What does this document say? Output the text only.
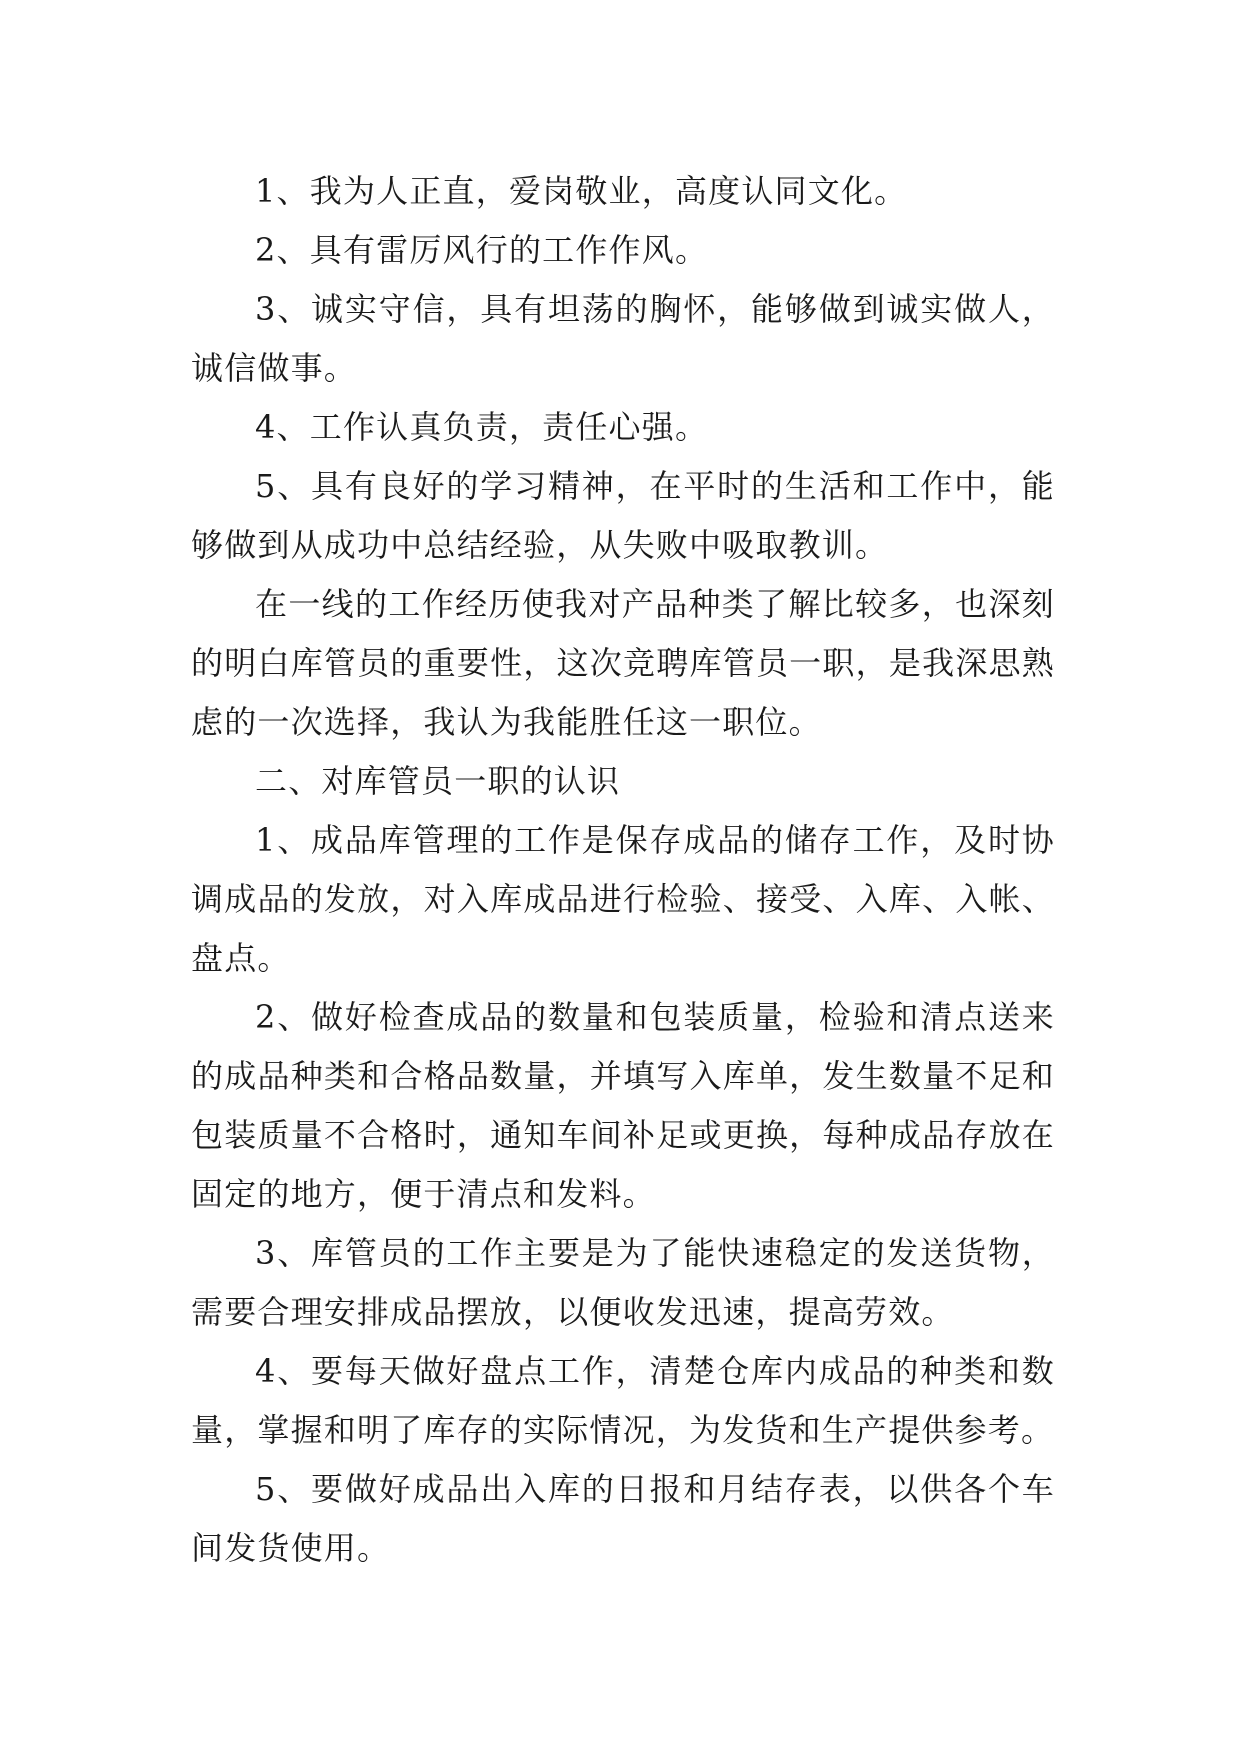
1、我为人正直，爱岗敬业，高度认同文化。

2、具有雷厉风行的工作作风。

3、诚实守信，具有坦荡的胸怀，能够做到诚实做人，诚信做事。

4、工作认真负责，责任心强。

5、具有良好的学习精神，在平时的生活和工作中，能够做到从成功中总结经验，从失败中吸取教训。

在一线的工作经历使我对产品种类了解比较多，也深刻的明白库管员的重要性，这次竞聘库管员一职，是我深思熟虑的一次选择，我认为我能胜任这一职位。

二、对库管员一职的认识

1、成品库管理的工作是保存成品的储存工作，及时协调成品的发放，对入库成品进行检验、接受、入库、入帐、盘点。

2、做好检查成品的数量和包装质量，检验和清点送来的成品种类和合格品数量，并填写入库单，发生数量不足和包装质量不合格时，通知车间补足或更换，每种成品存放在固定的地方，便于清点和发料。

3、库管员的工作主要是为了能快速稳定的发送货物，需要合理安排成品摆放，以便收发迅速，提高劳效。

4、要每天做好盘点工作，清楚仓库内成品的种类和数量，掌握和明了库存的实际情况，为发货和生产提供参考。

5、要做好成品出入库的日报和月结存表，以供各个车间发货使用。
